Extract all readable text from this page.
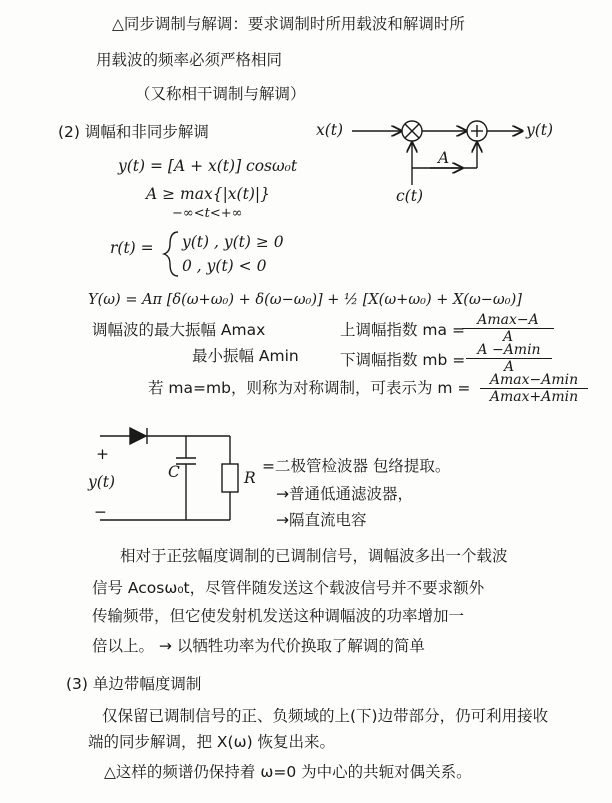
△同步调制与解调：要求调制时所用载波和解调时所
用载波的频率必须严格相同
（又称相干调制与解调）
(2) 调幅和非同步解调	x(t)	y(t)
c(t)
A
y(t) = [A + x(t)] cosω₀t
A ≥ max{|x(t)|}
−∞<t<+∞
r(t) = y(t) , y(t) ≥ 0
0 , y(t) < 0
Y(ω) = Aπ [δ(ω+ω₀) + δ(ω−ω₀)] + ½ [X(ω+ω₀) + X(ω−ω₀)]
调幅波的最大振幅 Amax
最小振幅 Amin
上调幅指数 ma =
Amax−A
A
下调幅指数 mb =
A −Amin
A
若 ma=mb，则称为对称调制，可表示为 m =	Amax−Amin
Amax+Amin
+
y(t)
−
C	R
=二极管检波器 包络提取。
→普通低通滤波器，
→隔直流电容
相对于正弦幅度调制的已调制信号，调幅波多出一个载波
信号 Acosω₀t，尽管伴随发送这个载波信号并不要求额外
传输频带，但它使发射机发送这种调幅波的功率增加一
倍以上。 → 以牺牲功率为代价换取了解调的简单
(3) 单边带幅度调制
仅保留已调制信号的正、负频域的上(下)边带部分，仍可利用接收
端的同步解调，把 X(ω) 恢复出来。
△这样的频谱仍保持着 ω=0 为中心的共轭对偶关系。
